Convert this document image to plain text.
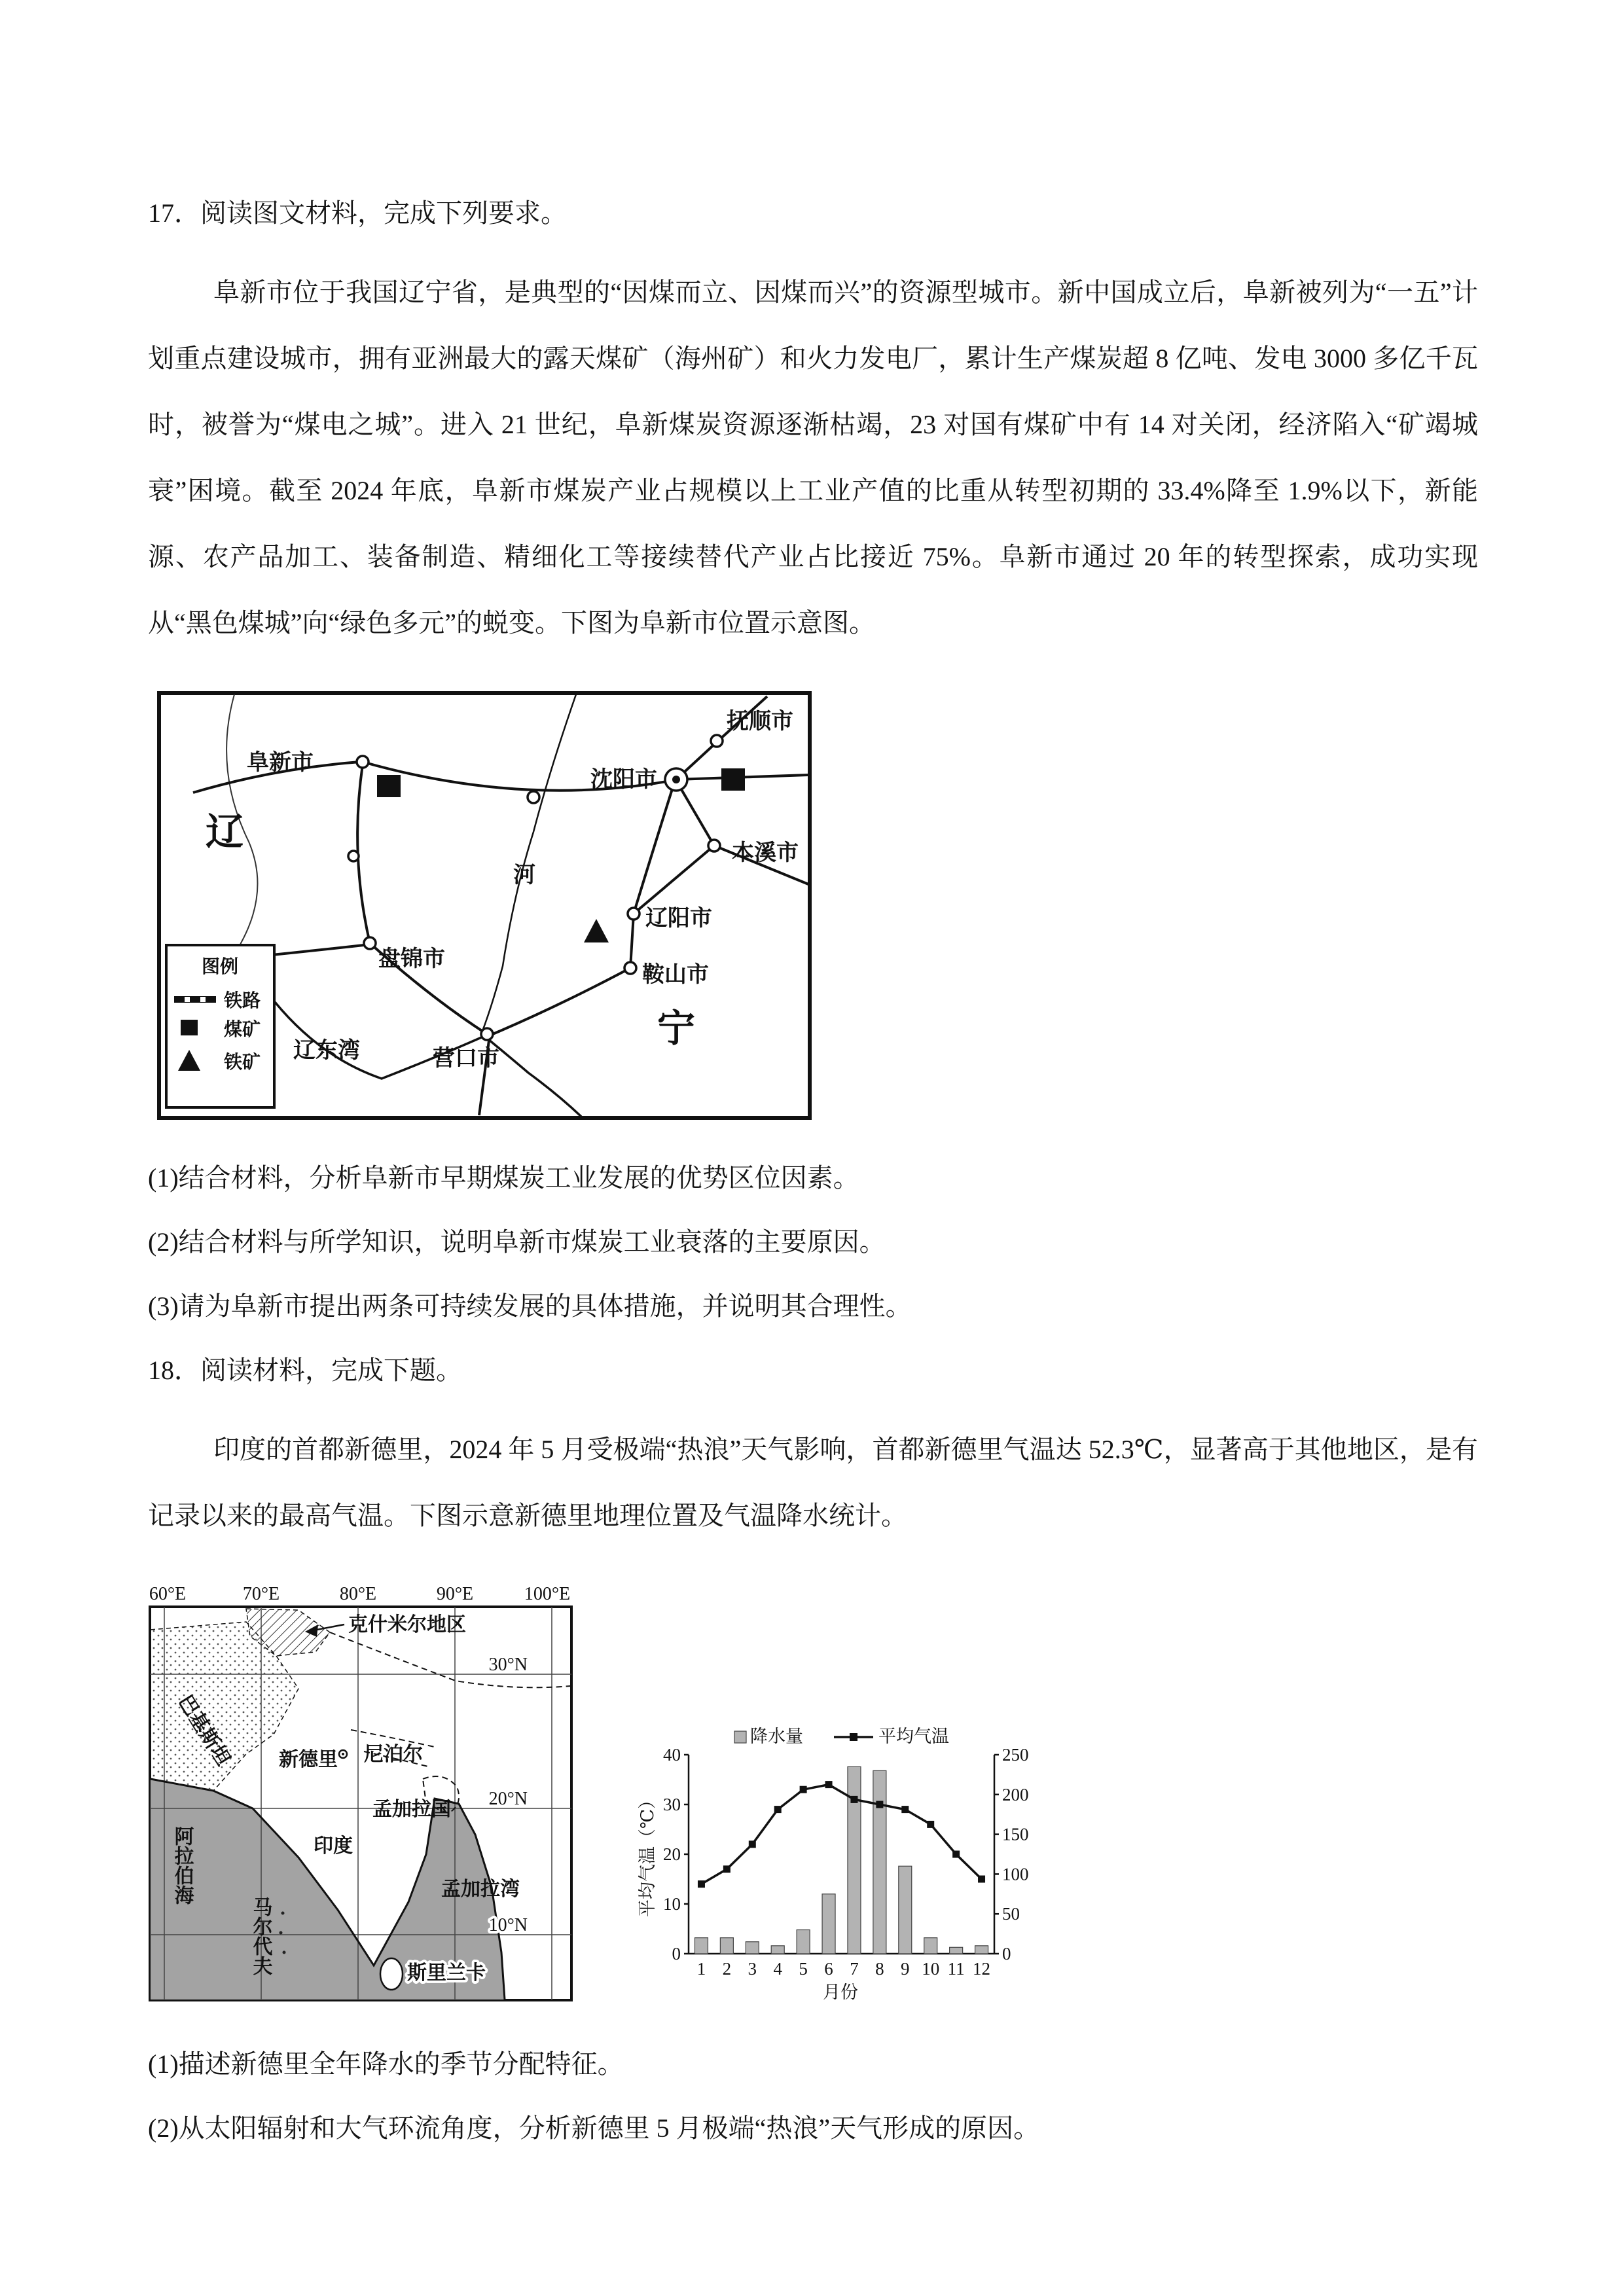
17．阅读图文材料，完成下列要求。

阜新市位于我国辽宁省，是典型的“因煤而立、因煤而兴”的资源型城市。新中国成立后，阜新被列为“一五”计划重点建设城市，拥有亚洲最大的露天煤矿（海州矿）和火力发电厂，累计生产煤炭超 8 亿吨、发电 3000 多亿千瓦时，被誉为“煤电之城”。进入 21 世纪，阜新煤炭资源逐渐枯竭，23 对国有煤矿中有 14 对关闭，经济陷入“矿竭城衰”困境。截至 2024 年底，阜新市煤炭产业占规模以上工业产值的比重从转型初期的 33.4%降至 1.9%以下，新能源、农产品加工、装备制造、精细化工等接续替代产业占比接近 75%。阜新市通过 20 年的转型探索，成功实现从“黑色煤城”向“绿色多元”的蜕变。下图为阜新市位置示意图。

阜新市
抚顺市
沈阳市
本溪市
辽阳市
鞍山市
盘锦市
营口市
辽东湾
辽
宁
河
图例
铁路
煤矿
铁矿

(1)结合材料，分析阜新市早期煤炭工业发展的优势区位因素。

(2)结合材料与所学知识，说明阜新市煤炭工业衰落的主要原因。

(3)请为阜新市提出两条可持续发展的具体措施，并说明其合理性。

18．阅读材料，完成下题。

印度的首都新德里，2024 年 5 月受极端“热浪”天气影响，首都新德里气温达 52.3℃，显著高于其他地区，是有记录以来的最高气温。下图示意新德里地理位置及气温降水统计。

60°E	70°E	80°E	90°E	100°E
克什米尔地区
巴基斯坦	尼泊尔
新德里
孟加拉国
印度
阿拉伯海	孟加拉湾
马尔代夫	斯里兰卡
30°N
20°N
10°N
降水量	平均气温
平均气温（℃）
月份
0
10
20
30
40
0
50
100
150
200
250
1 2 3 4 5 6 7 8 9 10 11 12

(1)描述新德里全年降水的季节分配特征。

(2)从太阳辐射和大气环流角度，分析新德里 5 月极端“热浪”天气形成的原因。
